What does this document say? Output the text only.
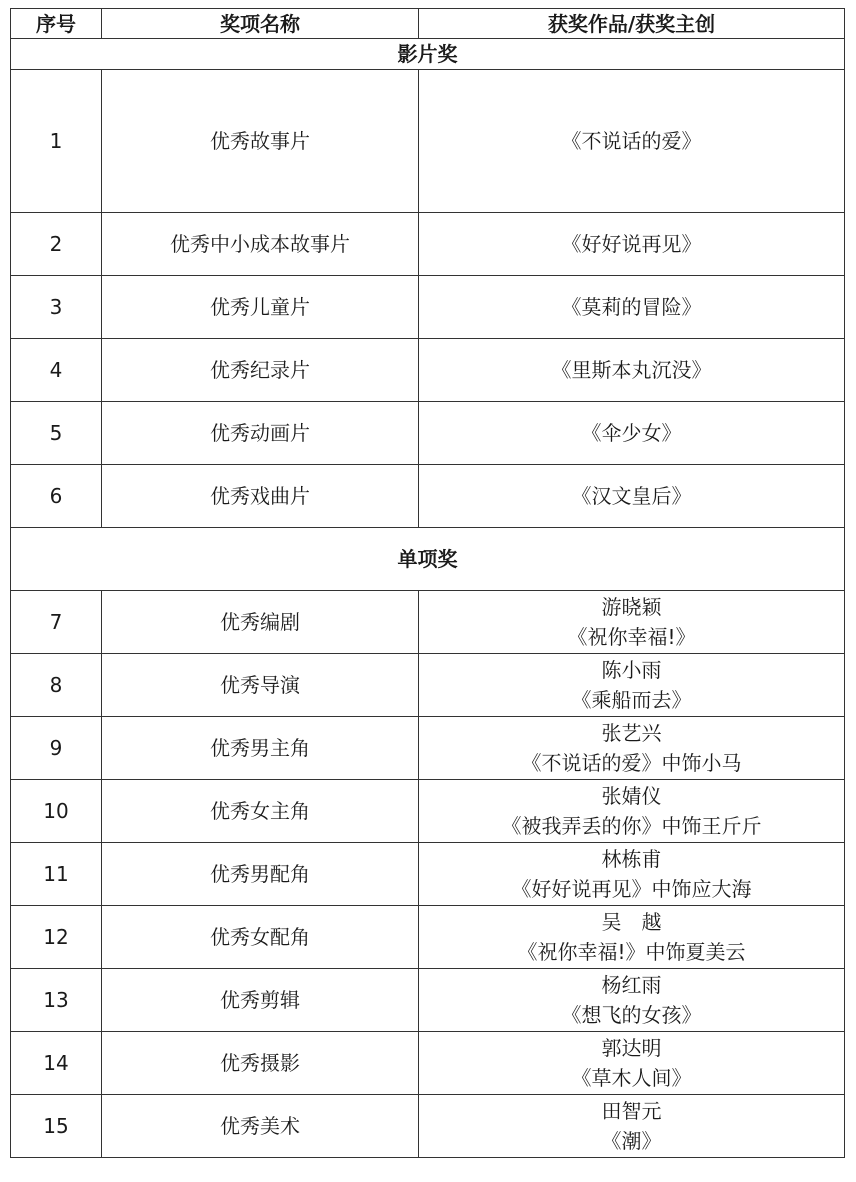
序号	奖项名称	获奖作品/获奖主创
影片奖		
1	优秀故事片	《不说话的爱》
2	优秀中小成本故事片	《好好说再见》
3	优秀儿童片	《莫莉的冒险》
4	优秀纪录片	《里斯本丸沉没》
5	优秀动画片	《伞少女》
6	优秀戏曲片	《汉文皇后》
单项奖		
7	优秀编剧	游晓颖
《祝你幸福!》

8	优秀导演	陈小雨
《乘船而去》

9	优秀男主角	张艺兴
《不说话的爱》中饰小马

10	优秀女主角	张婧仪
《被我弄丢的你》中饰王斤斤

11	优秀男配角	林栋甫
《好好说再见》中饰应大海

12	优秀女配角	吴　越
《祝你幸福!》中饰夏美云

13	优秀剪辑	杨红雨
《想飞的女孩》

14	优秀摄影	郭达明
《草木人间》

15	优秀美术	田智元
《潮》
